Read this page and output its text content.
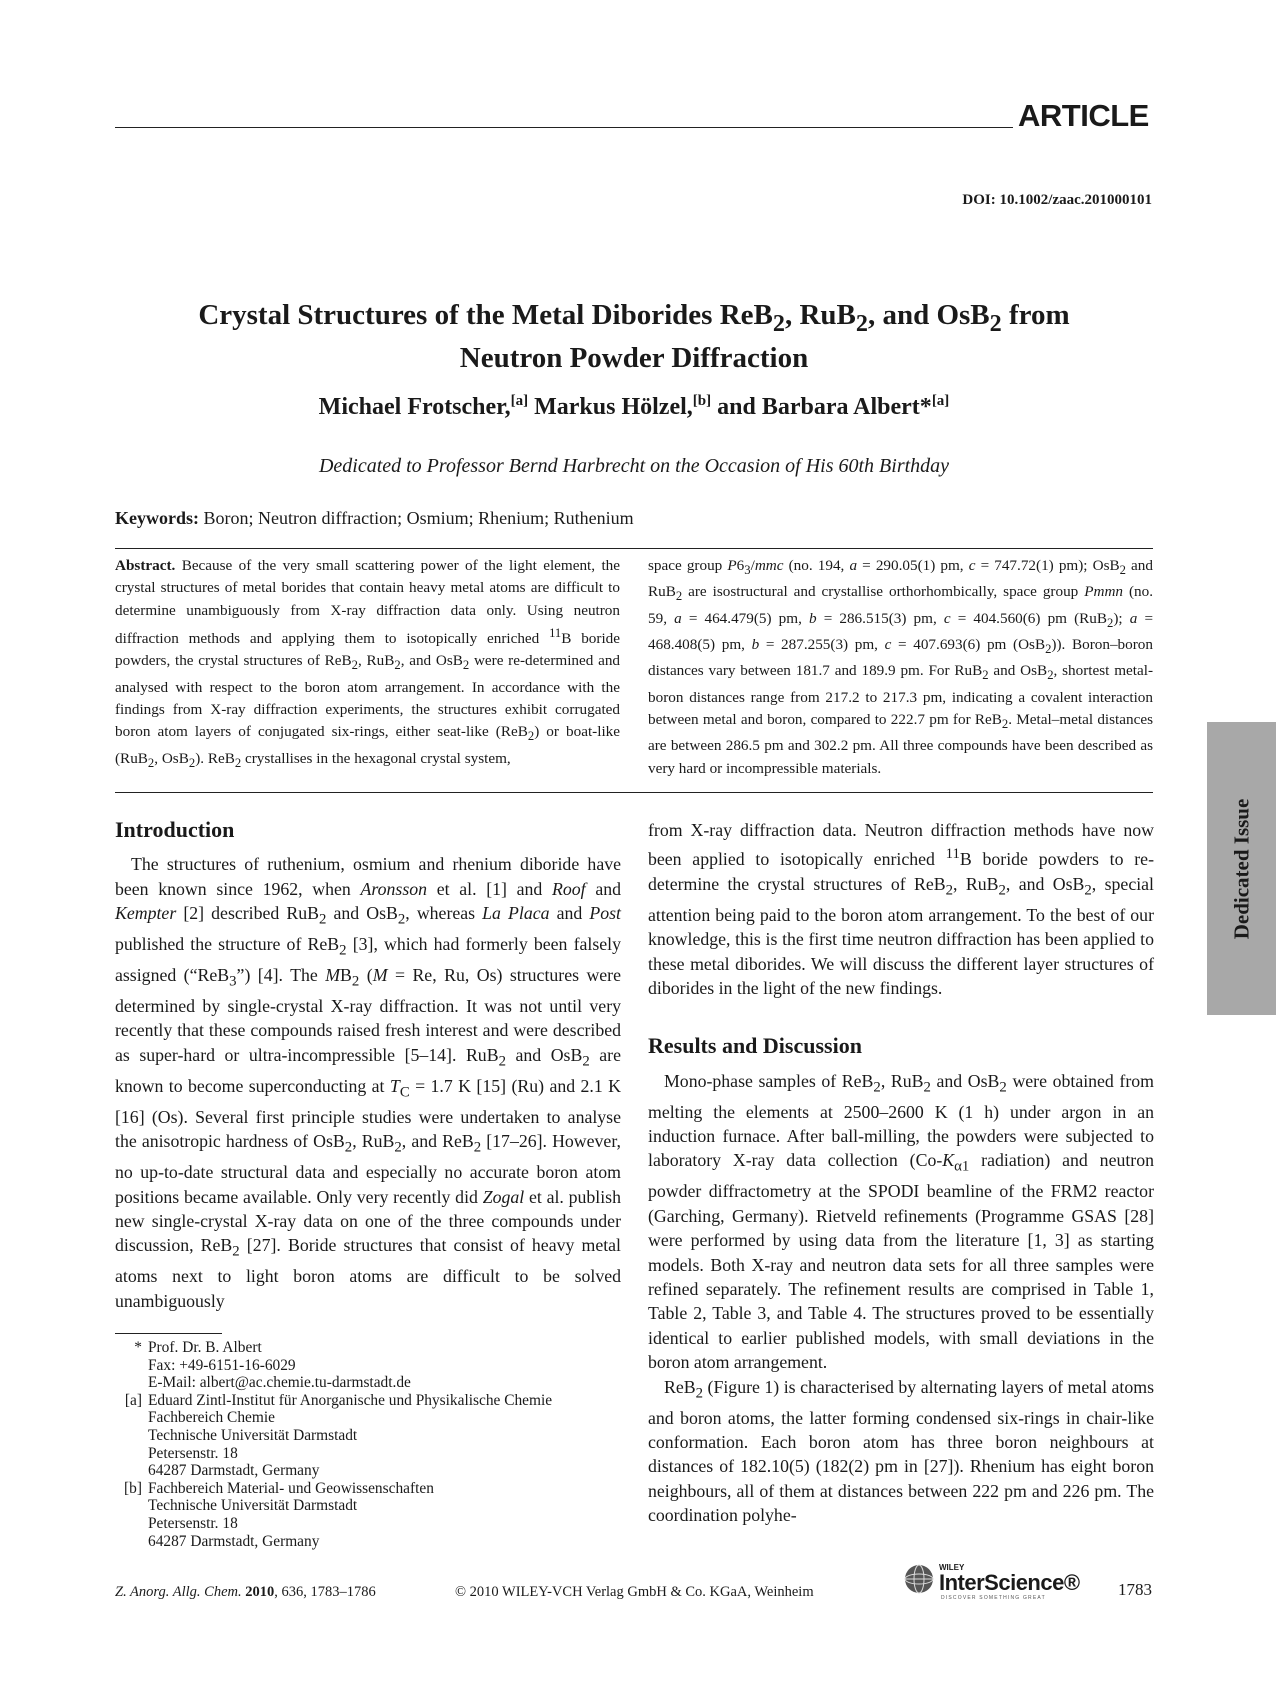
ARTICLE
DOI: 10.1002/zaac.201000101
Crystal Structures of the Metal Diborides ReB$_2$, RuB$_2$, and OsB$_2$ from
Neutron Powder Diffraction
Michael Frotscher,[a] Markus Hölzel,[b] and Barbara Albert*[a]
Dedicated to Professor Bernd Harbrecht on the Occasion of His 60th Birthday
Keywords: Boron; Neutron diffraction; Osmium; Rhenium; Ruthenium
Abstract. Because of the very small scattering power of the light element, the crystal structures of metal borides that contain heavy metal atoms are difficult to determine unambiguously from X-ray diffraction data only. Using neutron diffraction methods and applying them to isotopically enriched $^{11}$B boride powders, the crystal structures of ReB$_2$, RuB$_2$, and OsB$_2$ were re-determined and analysed with respect to the boron atom arrangement. In accordance with the findings from X-ray diffraction experiments, the structures exhibit corrugated boron atom layers of conjugated six-rings, either seat-like (ReB$_2$) or boat-like (RuB$_2$, OsB$_2$). ReB$_2$ crystallises in the hexagonal crystal system,
space group $P6_3$/mmc (no. 194, a = 290.05(1) pm, c = 747.72(1) pm); OsB$_2$ and RuB$_2$ are isostructural and crystallise orthorhombically, space group Pmmn (no. 59, a = 464.479(5) pm, b = 286.515(3) pm, c = 404.560(6) pm (RuB$_2$); a = 468.408(5) pm, b = 287.255(3) pm, c = 407.693(6) pm (OsB$_2$)). Boron–boron distances vary between 181.7 and 189.9 pm. For RuB$_2$ and OsB$_2$, shortest metal-boron distances range from 217.2 to 217.3 pm, indicating a covalent interaction between metal and boron, compared to 222.7 pm for ReB$_2$. Metal–metal distances are between 286.5 pm and 302.2 pm. All three compounds have been described as very hard or incompressible materials.
Introduction

The structures of ruthenium, osmium and rhenium diboride have been known since 1962, when Aronsson et al. [1] and Roof and Kempter [2] described RuB$_2$ and OsB$_2$, whereas La Placa and Post published the structure of ReB$_2$ [3], which had formerly been falsely assigned (“ReB$_3$”) [4]. The $MB_2$ (M = Re, Ru, Os) structures were determined by single-crystal X-ray diffraction. It was not until very recently that these compounds raised fresh interest and were described as super-hard or ultra-incompressible [5–14]. RuB$_2$ and OsB$_2$ are known to become superconducting at $T_C = 1.7$ K [15] (Ru) and 2.1 K [16] (Os). Several first principle studies were undertaken to analyse the anisotropic hardness of OsB$_2$, RuB$_2$, and ReB$_2$ [17–26]. However, no up-to-date structural data and especially no accurate boron atom positions became available. Only very recently did Zogal et al. publish new single-crystal X-ray data on one of the three compounds under discussion, ReB$_2$ [27]. Boride structures that consist of heavy metal atoms next to light boron atoms are difficult to be solved unambiguously

from X-ray diffraction data. Neutron diffraction methods have now been applied to isotopically enriched $^{11}$B boride powders to re-determine the crystal structures of ReB$_2$, RuB$_2$, and OsB$_2$, special attention being paid to the boron atom arrangement. To the best of our knowledge, this is the first time neutron diffraction has been applied to these metal diborides. We will discuss the different layer structures of diborides in the light of the new findings.

Results and Discussion

Mono-phase samples of ReB$_2$, RuB$_2$ and OsB$_2$ were obtained from melting the elements at 2500–2600 K (1 h) under argon in an induction furnace. After ball-milling, the powders were subjected to laboratory X-ray data collection ($Co-K_{\alpha 1}$ radiation) and neutron powder diffractometry at the SPODI beamline of the FRM2 reactor (Garching, Germany). Rietveld refinements (Programme GSAS [28] were performed by using data from the literature [1, 3] as starting models. Both X-ray and neutron data sets for all three samples were refined separately. The refinement results are comprised in Table 1, Table 2, Table 3, and Table 4. The structures proved to be essentially identical to earlier published models, with small deviations in the boron atom arrangement.

ReB$_2$ (Figure 1) is characterised by alternating layers of metal atoms and boron atoms, the latter forming condensed six-rings in chair-like conformation. Each boron atom has three boron neighbours at distances of 182.10(5) (182(2) pm in [27]). Rhenium has eight boron neighbours, all of them at distances between 222 pm and 226 pm. The coordination polyhe-

* Prof. Dr. B. Albert
Fax: +49-6151-16-6029
E-Mail: albert@ac.chemie.tu-darmstadt.de
[a] Eduard Zintl-Institut für Anorganische und Physikalische Chemie
Fachbereich Chemie
Technische Universität Darmstadt
Petersenstr. 18
64287 Darmstadt, Germany
[b] Fachbereich Material- und Geowissenschaften
Technische Universität Darmstadt
Petersenstr. 18
64287 Darmstadt, Germany
Dedicated Issue
Z. Anorg. Allg. Chem. 2010, 636, 1783–1786	© 2010 WILEY-VCH Verlag GmbH & Co. KGaA, Weinheim
WILEY
InterScience®
DISCOVER SOMETHING GREAT	1783
